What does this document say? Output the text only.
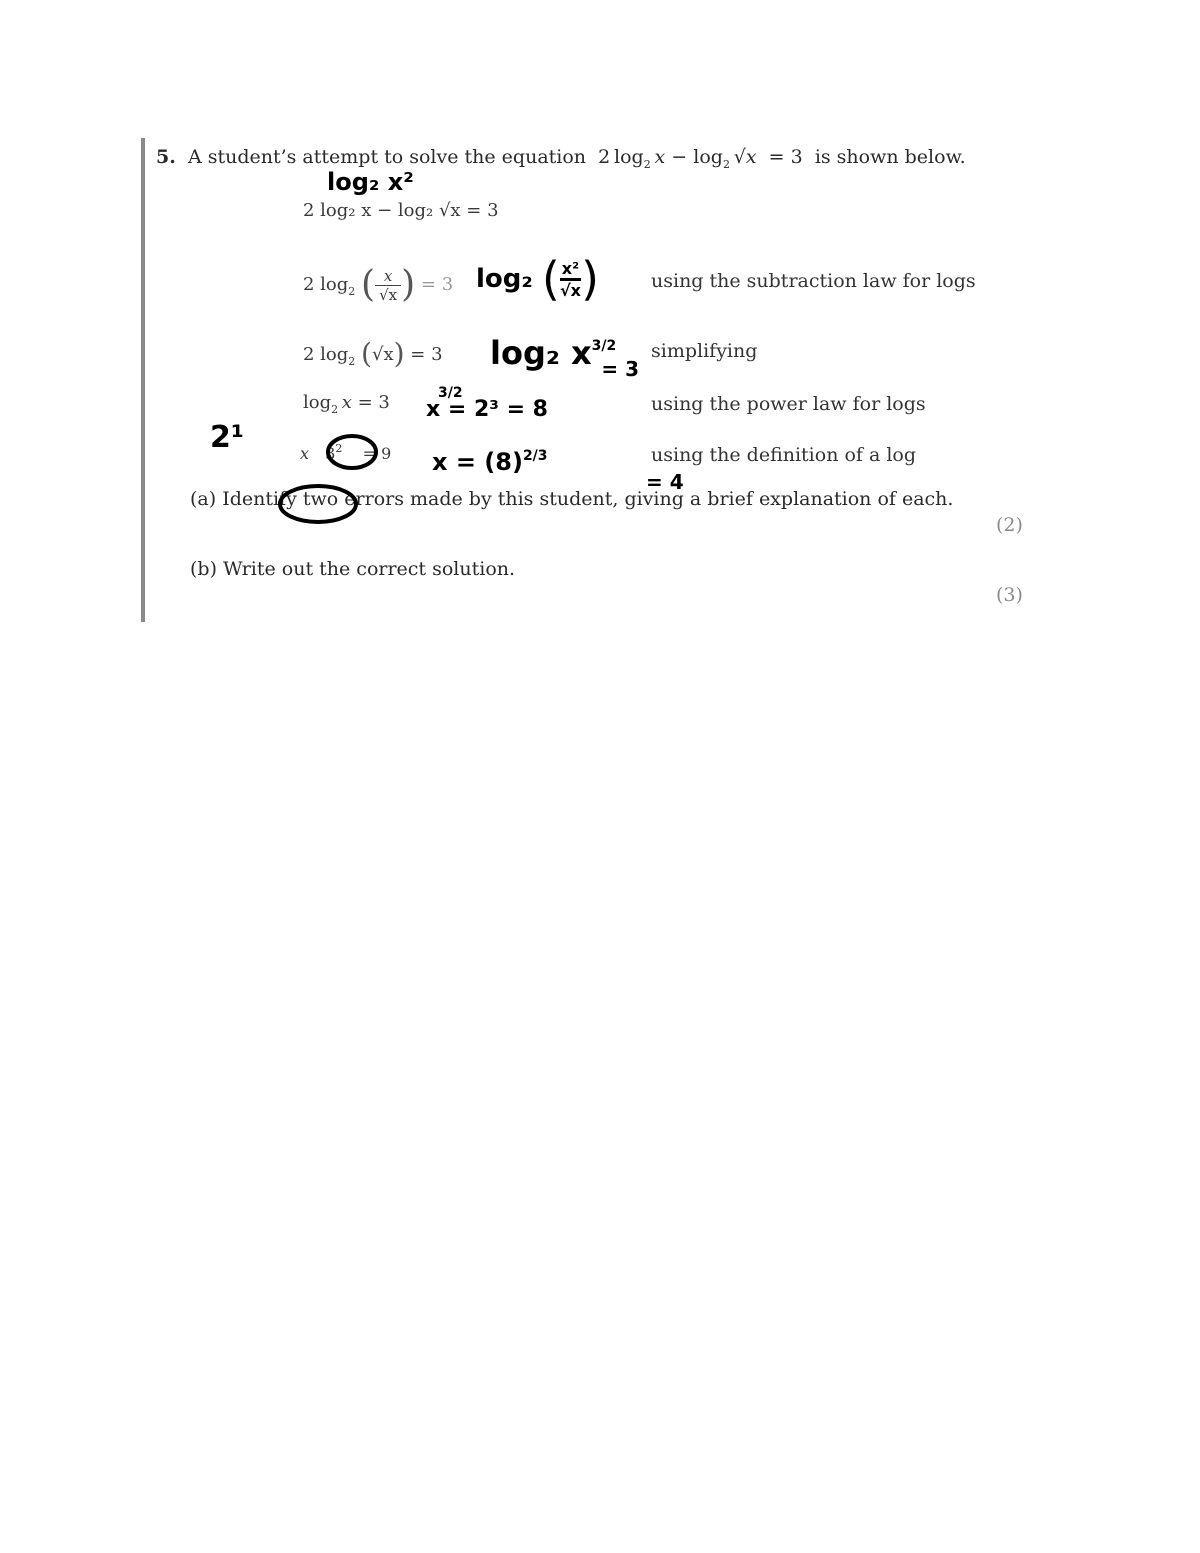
5. A student’s attempt to solve the equation 2  $\log_2 x - \log_2 √x = 3$ is shown below.
2 log₂ x − log₂ √x = 3
2 $\log_2$ ( $\frac{x}{√x}$ ) = 3	using the subtraction law for logs
2 $\log_2 (√x) = 3$	simplifying
$\log_2 x = 3$	using the power law for logs
x $3^2 = 9$	using the definition of a log
(a) Identify two errors made by this student, giving a brief explanation of each.
(2)
(b) Write out the correct solution.
(3)
log₂ x²
log₂ ( $\frac{\text{x²}}{√x}$ )
log₂ $x^{3/2}$ $_{= 3}$
$^{3/2}$
x = 2³ = 8
$x = (8)^{2/3}$
= 4
2¹
